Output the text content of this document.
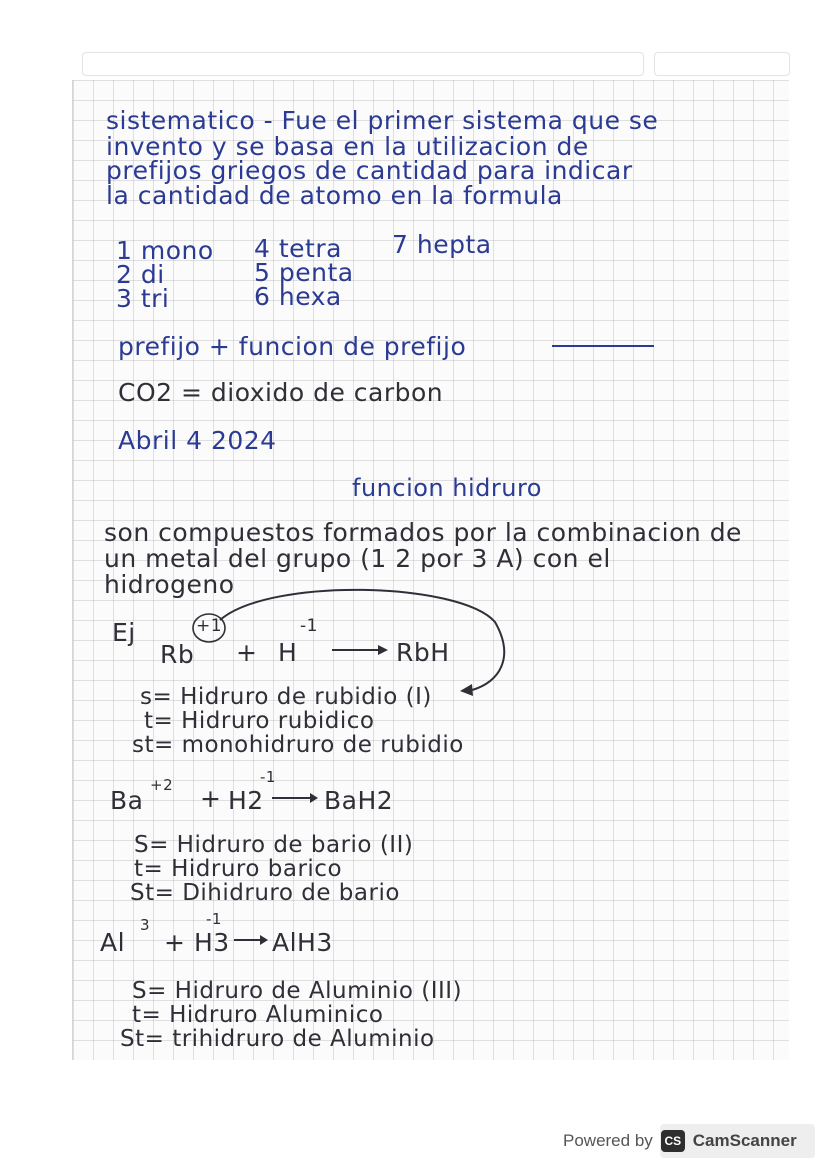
sistematico - Fue el primer sistema que se
invento y se basa en la utilizacion de
prefijos griegos de cantidad para indicar
la cantidad de atomo en la formula
1 mono
2 di
3 tri
4 tetra
5 penta
6 hexa
7 hepta
prefijo + funcion de prefijo
CO2 = dioxido de carbon
Abril 4 2024
funcion hidruro
son compuestos formados por la combinacion de
un metal del grupo (1 2 por 3 A) con el
hidrogeno
Ej
Rb
+1
+ H
-1
RbH
s= Hidruro de rubidio (I)
t= Hidruro rubidico
st= monohidruro de rubidio
Ba
+2 + H2
-1
BaH2
S= Hidruro de bario (II)
t= Hidruro barico
St= Dihidruro de bario
Al
3
+ H3
-1
AlH3
S= Hidruro de Aluminio (III)
t= Hidruro Aluminico
St= trihidruro de Aluminio
Powered by CS CamScanner
